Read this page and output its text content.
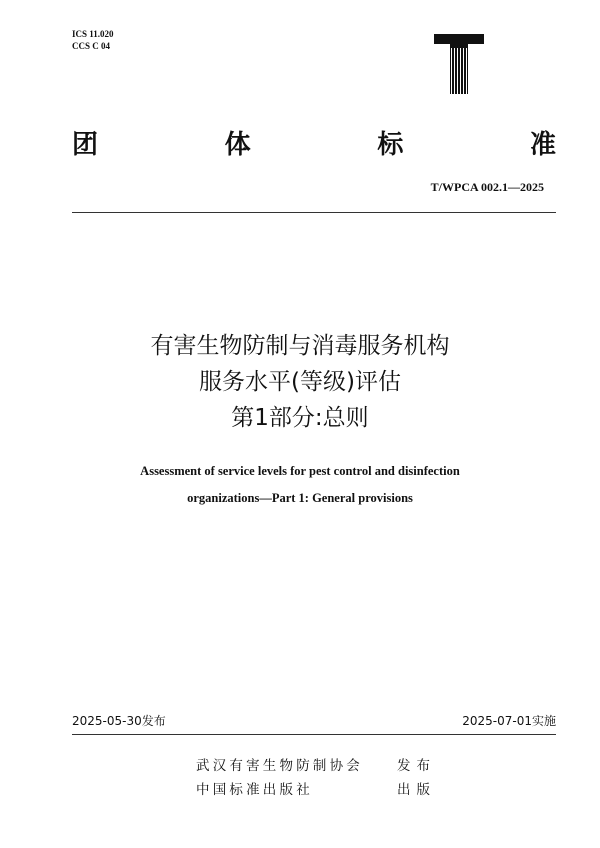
ICS 11.020
CCS C 04
团	体	标	准
T/WPCA 002.1—2025
有害生物防制与消毒服务机构
服务水平(等级)评估
第1部分:总则
Assessment of service levels for pest control and disinfection
organizations—Part 1: General provisions
2025-05-30发布	2025-07-01实施
武汉有害生物防制协会	发布
中国标准出版社	出版
